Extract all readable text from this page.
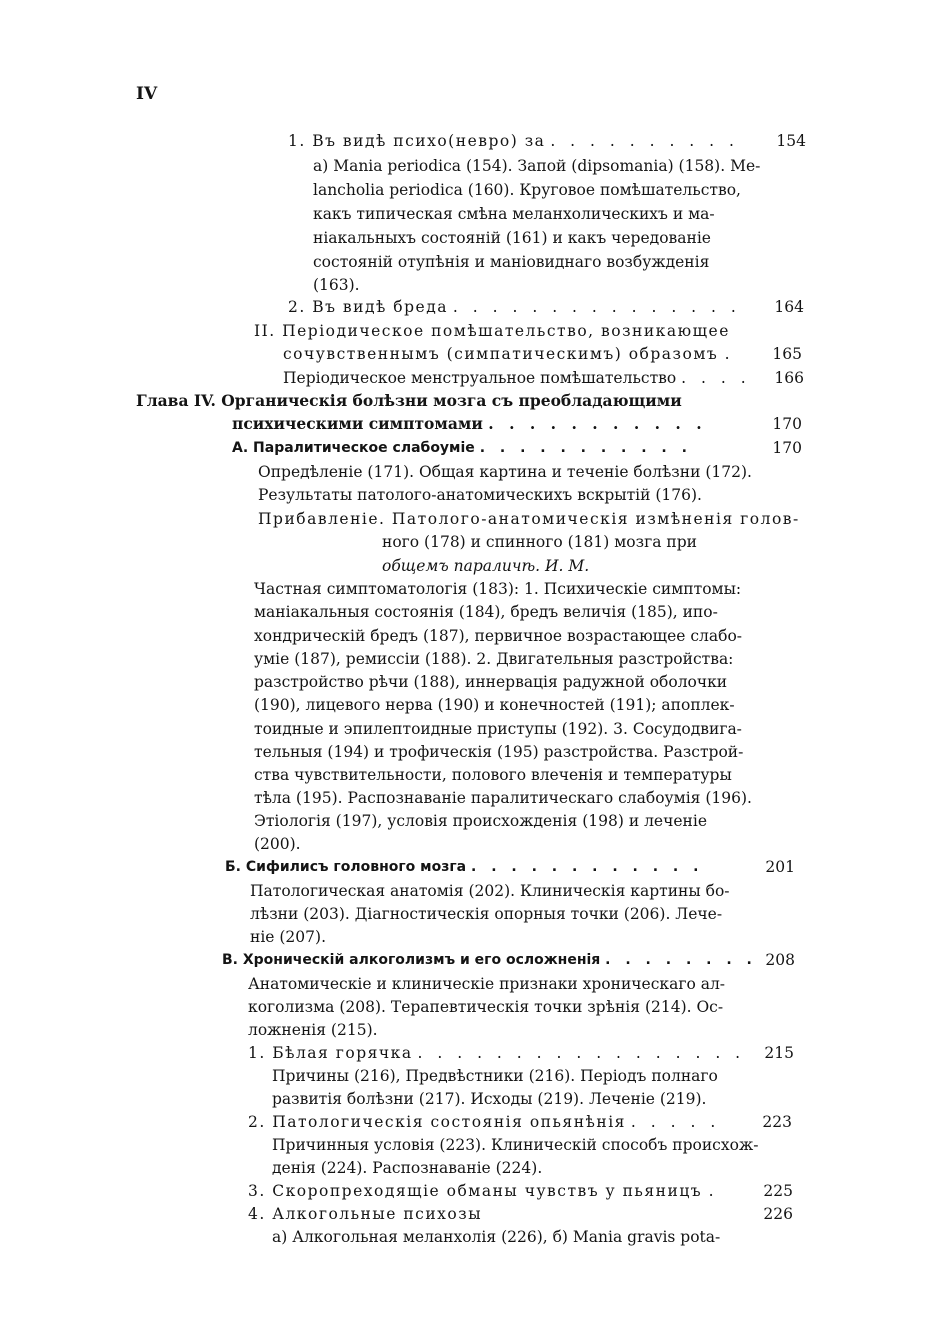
IV
1. Въ видѣ психо(невро) за . . . . . . . . . .	154
а) Mania periodica (154). Запой (dipsomania) (158). Me-
lancholia periodica (160). Круговое помѣшательство,
какъ типическая смѣна меланхолическихъ и ма-
ніакальныхъ состояній (161) и какъ чередованіе
состояній отупѣнія и маніовиднаго возбужденія
(163).
2. Въ видѣ бреда . . . . . . . . . . . . . . .	164
II. Періодическое помѣшательство, возникающее
сочувственнымъ (симпатическимъ) образомъ .	165
Періодическое менструальное помѣшательство . . . .	166
Глава IV. Органическія болѣзни мозга съ преобладающими
психическими симптомами . . . . . . . . . . .	170
А. Паралитическое слабоуміе . . . . . . . . . . .	170
Опредѣленіе (171). Общая картина и теченіе болѣзни (172).
Результаты патолого-анатомическихъ вскрытій (176).
Прибавленіе. Патолого-анатомическія измѣненія голов-
ного (178) и спинного (181) мозга при
общемъ параличѣ. И. М.
Частная симптоматологія (183): 1. Психическіе симптомы:
маніакальныя состоянія (184), бредъ величія (185), ипо-
хондрическій бредъ (187), первичное возрастающее слабо-
уміе (187), ремиссіи (188). 2. Двигательныя разстройства:
разстройство рѣчи (188), иннервація радужной оболочки
(190), лицевого нерва (190) и конечностей (191); апоплек-
тоидные и эпилептоидные приступы (192). 3. Сосудодвига-
тельныя (194) и трофическія (195) разстройства. Разстрой-
ства чувствительности, полового влеченія и температуры
тѣла (195). Распознаваніе паралитическаго слабоумія (196).
Этіологія (197), условія происхожденія (198) и леченіе
(200).
Б. Сифилисъ головного мозга . . . . . . . . . . . .	201
Патологическая анатомія (202). Клиническія картины бо-
лѣзни (203). Діагностическія опорныя точки (206). Лече-
ніе (207).
В. Хроническій алкоголизмъ и его осложненія . . . . . . . . 208
Анатомическіе и клиническіе признаки хроническаго ал-
коголизма (208). Терапевтическія точки зрѣнія (214). Ос-
ложненія (215).
1. Бѣлая горячка . . . . . . . . . . . . . . . . .	215
Причины (216), Предвѣстники (216). Періодъ полнаго
развитія болѣзни (217). Исходы (219). Леченіе (219).
2. Патологическія состоянія опьянѣнія . . . . .	223
Причинныя условія (223). Клиническій способъ происхож-
денія (224). Распознаваніе (224).
3. Скоропреходящіе обманы чувствъ у пьяницъ .	225
4. Алкогольные психозы	226
а) Алкогольная меланхолія (226), б) Mania gravis pota-
